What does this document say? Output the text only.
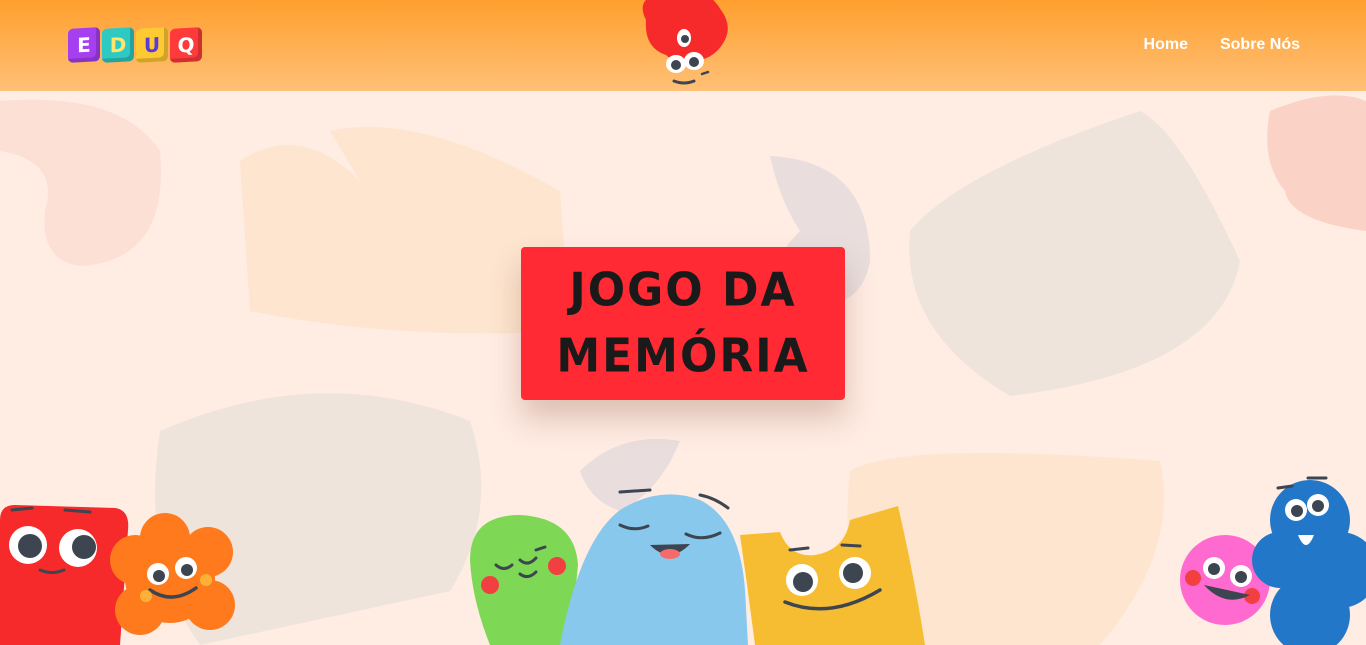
E D U Q	Home Sobre Nós
JOGO DA
MEMÓRIA
